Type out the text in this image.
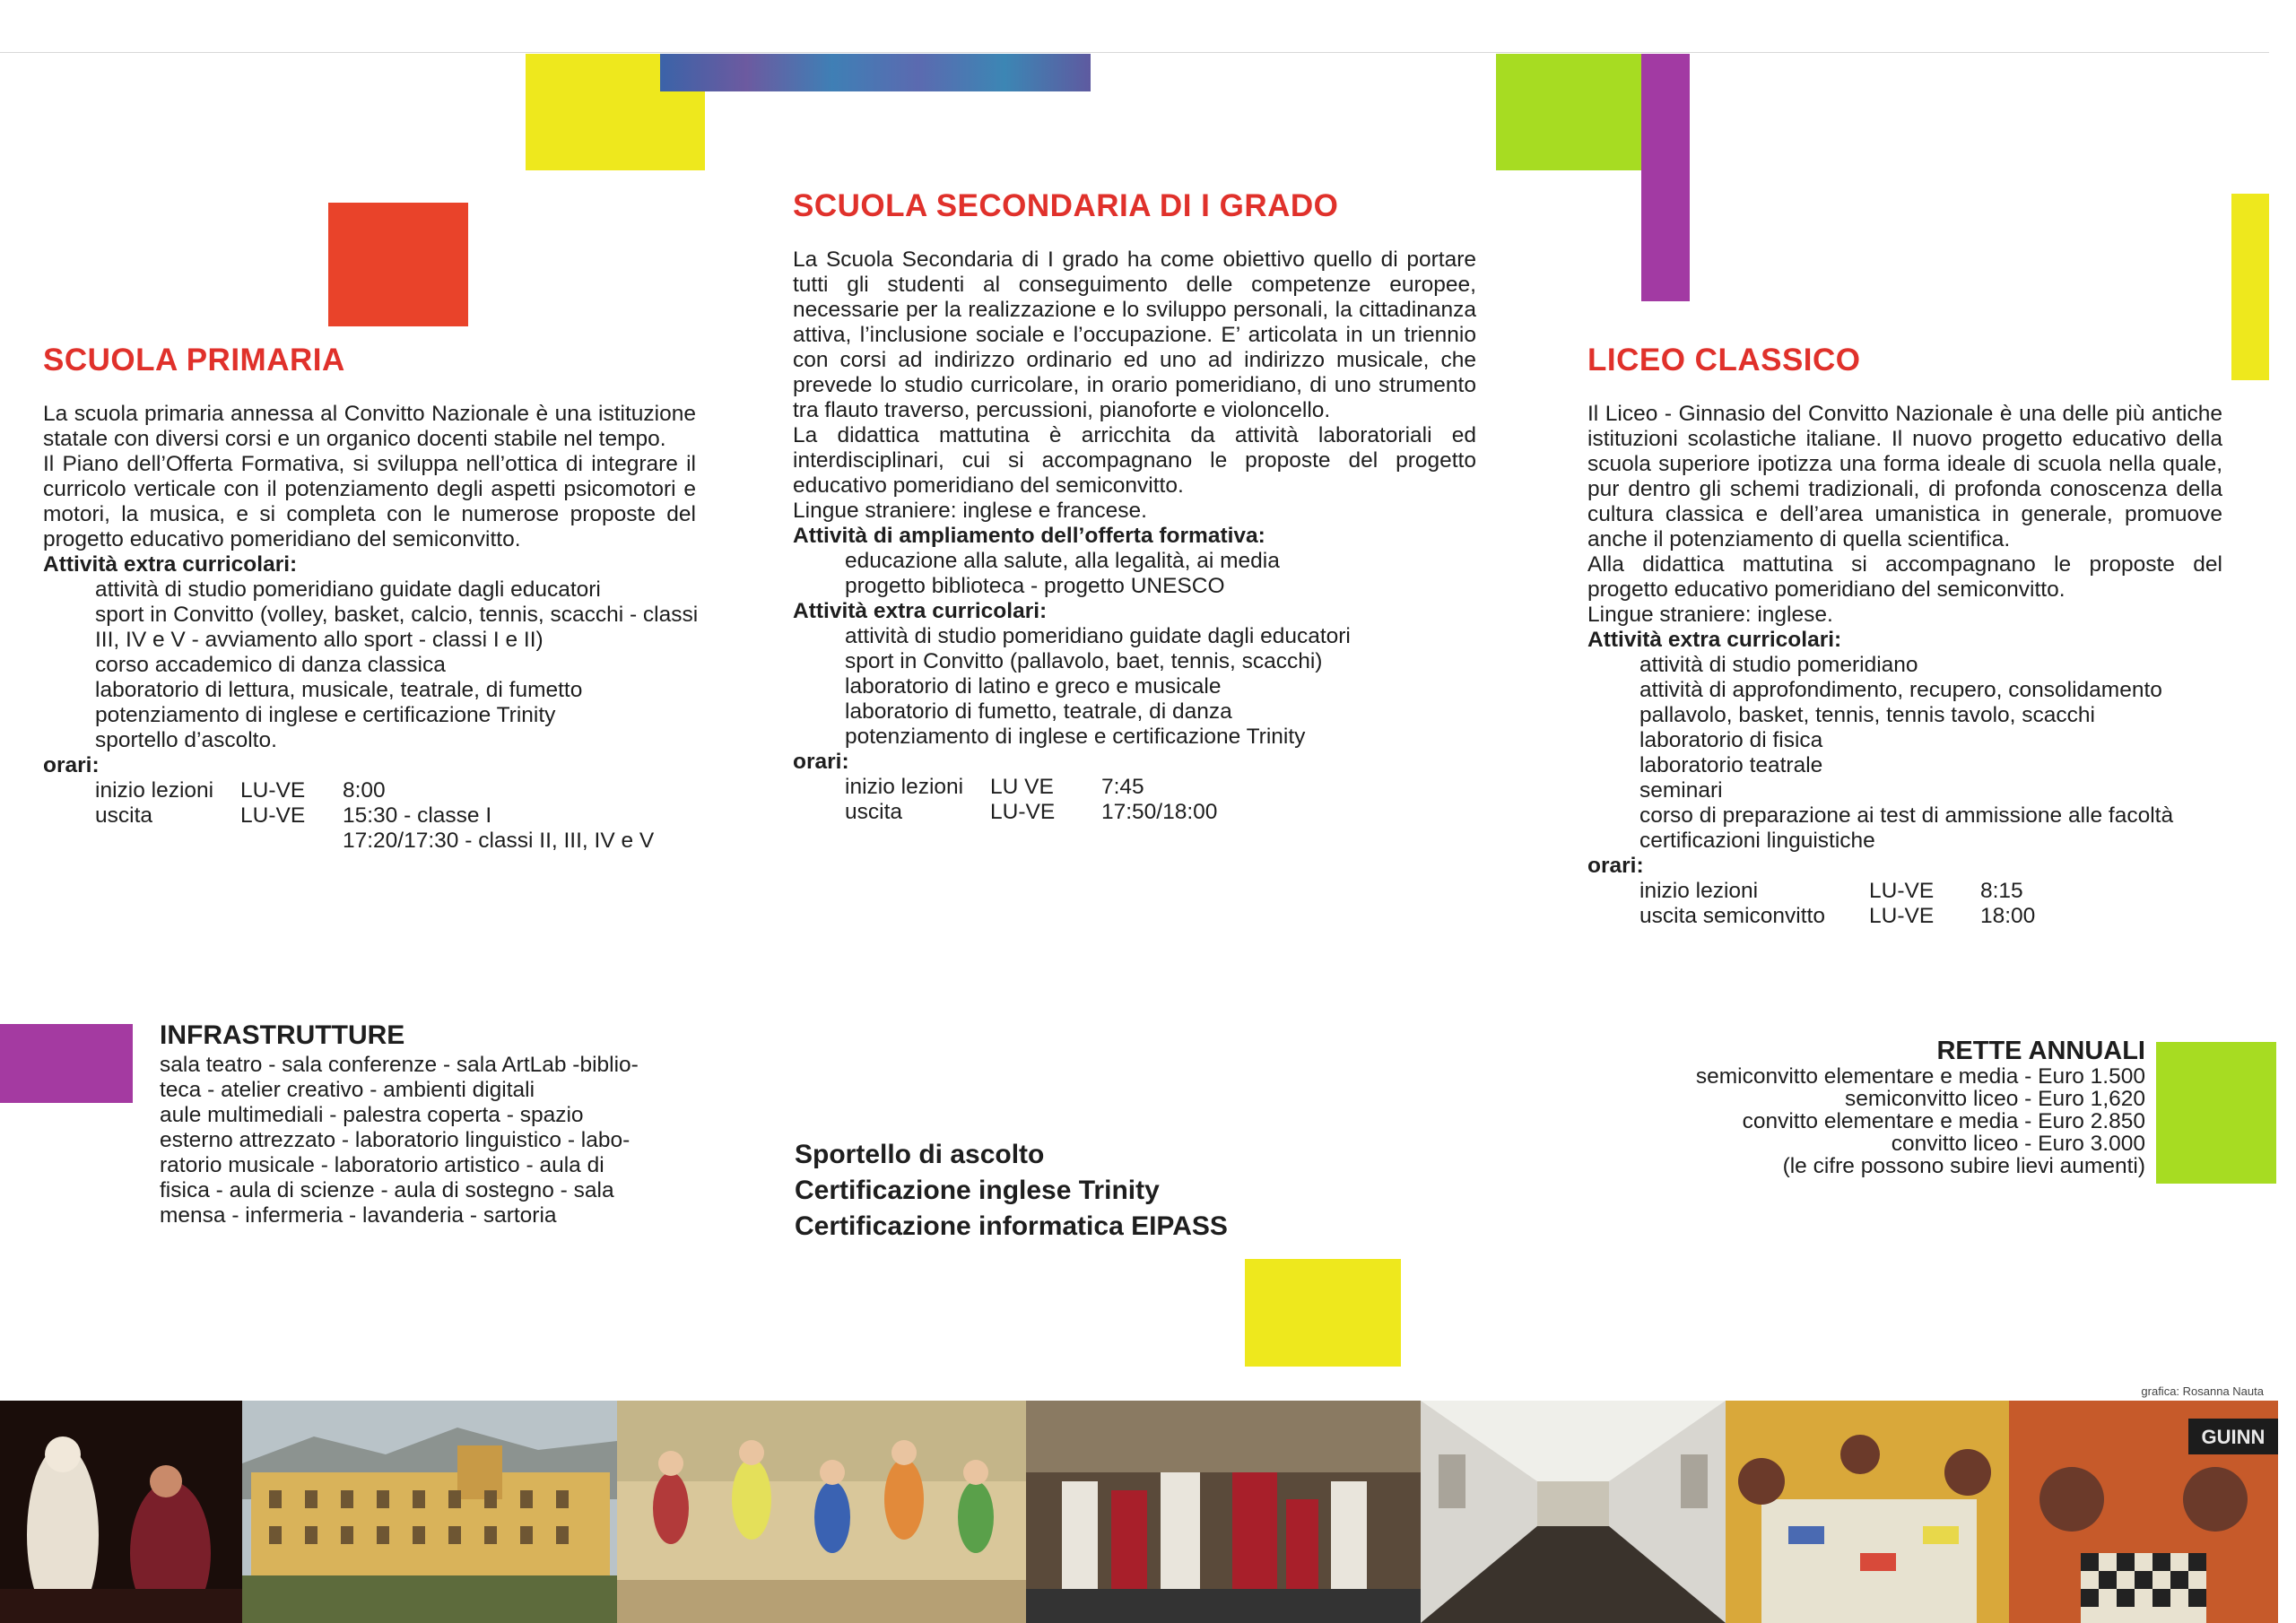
SCUOLA PRIMARIA

La scuola primaria annessa al Convitto Nazionale è una istituzione statale con diversi corsi e un organico docenti stabile nel tempo.

Il Piano dell’Offerta Formativa, si sviluppa nell’ottica di integrare il curricolo verticale con il potenziamento degli aspetti psicomotori e motori, la musica, e si completa con le numerose proposte del progetto educativo pomeridiano del semiconvitto.

Attività extra curricolari:
attività di studio pomeridiano guidate dagli educatori
sport in Convitto (volley, basket, calcio, tennis, scacchi - classi III, IV e V - avviamento allo sport - classi I e II)
corso accademico di danza classica
laboratorio di lettura, musicale, teatrale, di fumetto
potenziamento di inglese e certificazione Trinity
sportello d’ascolto.
orari:
inizio lezioni	LU-VE	8:00
uscita	LU-VE	15:30 - classe I
17:20/17:30 - classi II, III, IV e V
SCUOLA SECONDARIA DI I GRADO

La Scuola Secondaria di I grado ha come obiettivo quello di portare tutti gli studenti al conseguimento delle competenze europee, necessarie per la realizzazione e lo sviluppo personali, la cittadinanza attiva, l’inclusione sociale e l’occupazione. E’ articolata in un triennio con corsi ad indirizzo ordinario ed uno ad indirizzo musicale, che prevede lo studio curricolare, in orario pomeridiano, di uno strumento tra flauto traverso, percussioni, pianoforte e violoncello.

La didattica mattutina è arricchita da attività laboratoriali ed interdisciplinari, cui si accompagnano le proposte del progetto educativo pomeridiano del semiconvitto.

Lingue straniere: inglese e francese.
Attività di ampliamento dell’offerta formativa:
educazione alla salute, alla legalità, ai media
progetto biblioteca - progetto UNESCO
Attività extra curricolari:
attività di studio pomeridiano guidate dagli educatori
sport in Convitto (pallavolo, baet, tennis, scacchi)
laboratorio di latino e greco e musicale
laboratorio di fumetto, teatrale, di danza
potenziamento di inglese e certificazione Trinity
orari:
inizio lezioni	LU VE	7:45
uscita	LU-VE	17:50/18:00
LICEO CLASSICO

Il Liceo - Ginnasio del Convitto Nazionale è una delle più antiche istituzioni scolastiche italiane. Il nuovo progetto educativo della scuola superiore ipotizza una forma ideale di scuola nella quale, pur dentro gli schemi tradizionali, di profonda conoscenza della cultura classica e dell’area umanistica in generale, promuove anche il potenziamento di quella scientifica.

Alla didattica mattutina si accompagnano le proposte del progetto educativo pomeridiano del semiconvitto.

Lingue straniere: inglese.
Attività extra curricolari:
attività di studio pomeridiano
attività di approfondimento, recupero, consolidamento
pallavolo, basket, tennis, tennis tavolo, scacchi
laboratorio di fisica
laboratorio teatrale
seminari
corso di preparazione ai test di ammissione alle facoltà
certificazioni linguistiche
orari:
inizio lezioni	LU-VE	8:15
uscita semiconvitto	LU-VE	18:00
INFRASTRUTTURE
sala teatro - sala conferenze - sala ArtLab -biblio-
teca - atelier creativo - ambienti digitali
aule multimediali - palestra coperta - spazio
esterno attrezzato - laboratorio linguistico - labo-
ratorio musicale - laboratorio artistico - aula di
fisica - aula di scienze - aula di sostegno - sala
mensa - infermeria - lavanderia - sartoria
Sportello di ascolto
Certificazione inglese Trinity
Certificazione informatica EIPASS
RETTE ANNUALI
semiconvitto elementare e media - Euro 1.500
semiconvitto liceo - Euro 1,620
convitto elementare e media - Euro 2.850
convitto liceo - Euro 3.000
(le cifre possono subire lievi aumenti)
grafica: Rosanna Nauta
GUINN
